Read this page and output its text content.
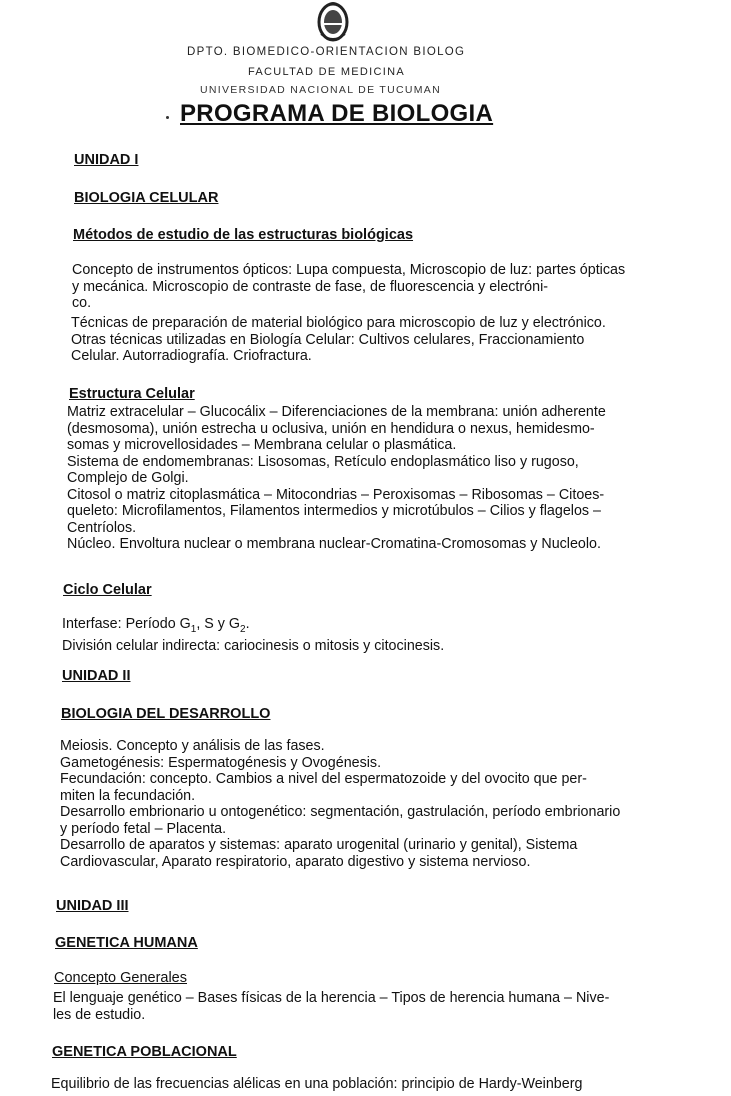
DPTO. BIOMEDICO-ORIENTACION BIOLOG
FACULTAD DE MEDICINA
UNIVERSIDAD NACIONAL DE TUCUMAN
PROGRAMA DE BIOLOGIA
UNIDAD I
BIOLOGIA CELULAR
Métodos de estudio de las estructuras biológicas
Concepto de instrumentos ópticos: Lupa compuesta, Microscopio de luz: partes ópticas
y mecánica. Microscopio de contraste de fase, de fluorescencia y electróni-
co.
Técnicas de preparación de material biológico para microscopio de luz y electrónico.
Otras técnicas utilizadas en Biología Celular: Cultivos celulares, Fraccionamiento
Celular. Autorradiografía. Criofractura.
Estructura Celular
Matriz extracelular – Glucocálix – Diferenciaciones de la membrana: unión adherente
(desmosoma), unión estrecha u oclusiva, unión en hendidura o nexus, hemidesmo-
somas y microvellosidades – Membrana celular o plasmática.
Sistema de endomembranas: Lisosomas, Retículo endoplasmático liso y rugoso,
Complejo de Golgi.
Citosol o matriz citoplasmática – Mitocondrias – Peroxisomas – Ribosomas – Citoes-
queleto: Microfilamentos, Filamentos intermedios y microtúbulos – Cilios y flagelos –
Centríolos.
Núcleo. Envoltura nuclear o membrana nuclear-Cromatina-Cromosomas y Nucleolo.
Ciclo Celular
Interfase: Período $G_1$, S y $G_2$.
División celular indirecta: cariocinesis o mitosis y citocinesis.
UNIDAD II
BIOLOGIA DEL DESARROLLO
Meiosis. Concepto y análisis de las fases.
Gametogénesis: Espermatogénesis y Ovogénesis.
Fecundación: concepto. Cambios a nivel del espermatozoide y del ovocito que per-
miten la fecundación.
Desarrollo embrionario u ontogenético: segmentación, gastrulación, período embrionario
y período fetal – Placenta.
Desarrollo de aparatos y sistemas: aparato urogenital (urinario y genital), Sistema
Cardiovascular, Aparato respiratorio, aparato digestivo y sistema nervioso.
UNIDAD III
GENETICA HUMANA
Concepto Generales
El lenguaje genético – Bases físicas de la herencia – Tipos de herencia humana – Nive-
les de estudio.
GENETICA POBLACIONAL
Equilibrio de las frecuencias alélicas en una población: principio de Hardy-Weinberg
